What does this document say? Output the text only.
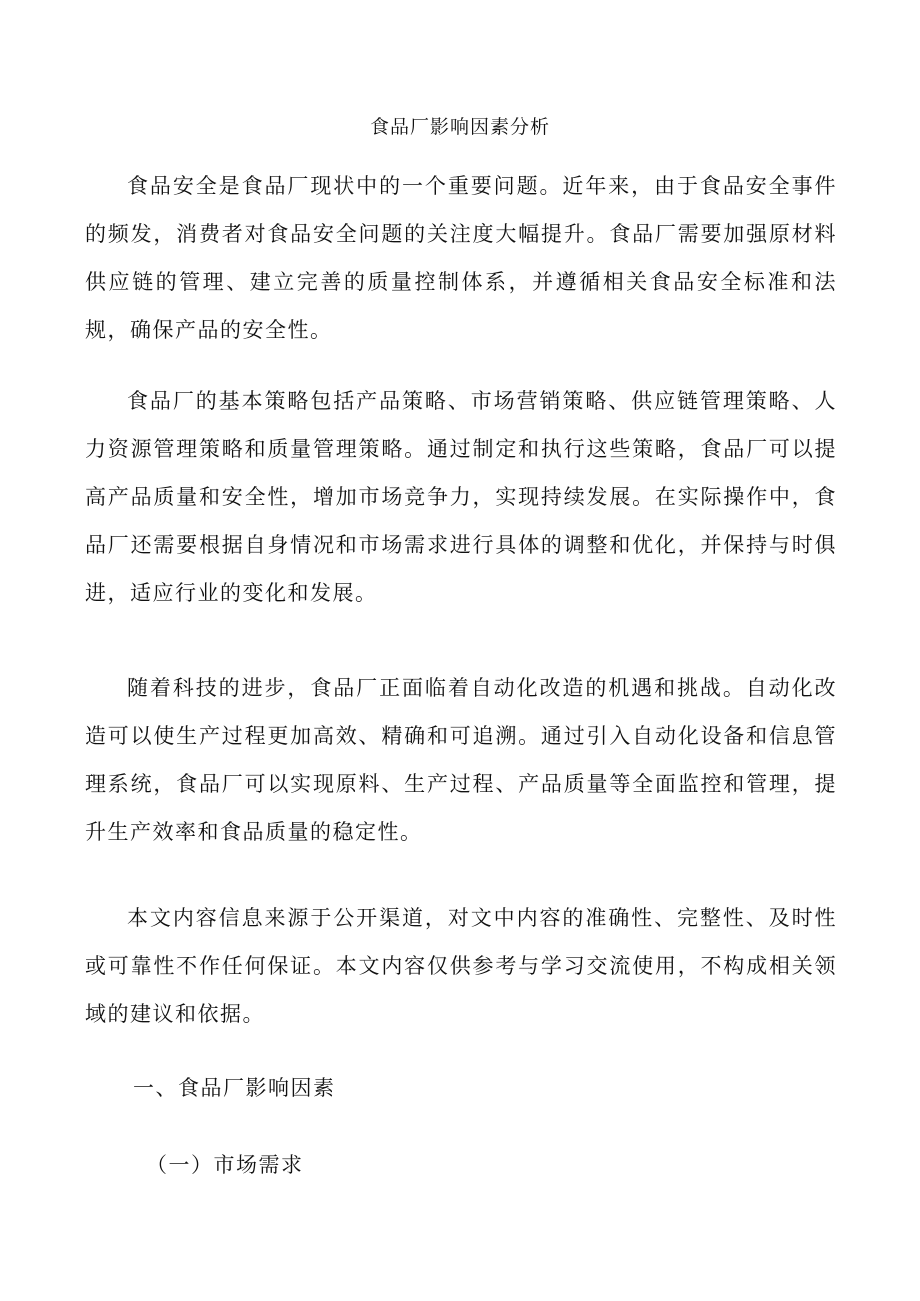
食品厂影响因素分析

食品安全是食品厂现状中的一个重要问题。近年来，由于食品安全事件的频发，消费者对食品安全问题的关注度大幅提升。食品厂需要加强原材料供应链的管理、建立完善的质量控制体系，并遵循相关食品安全标准和法规，确保产品的安全性。

食品厂的基本策略包括产品策略、市场营销策略、供应链管理策略、人力资源管理策略和质量管理策略。通过制定和执行这些策略，食品厂可以提高产品质量和安全性，增加市场竞争力，实现持续发展。在实际操作中，食品厂还需要根据自身情况和市场需求进行具体的调整和优化，并保持与时俱进，适应行业的变化和发展。

随着科技的进步，食品厂正面临着自动化改造的机遇和挑战。自动化改造可以使生产过程更加高效、精确和可追溯。通过引入自动化设备和信息管理系统，食品厂可以实现原料、生产过程、产品质量等全面监控和管理，提升生产效率和食品质量的稳定性。

本文内容信息来源于公开渠道，对文中内容的准确性、完整性、及时性或可靠性不作任何保证。本文内容仅供参考与学习交流使用，不构成相关领域的建议和依据。

一、食品厂影响因素
（一）市场需求
